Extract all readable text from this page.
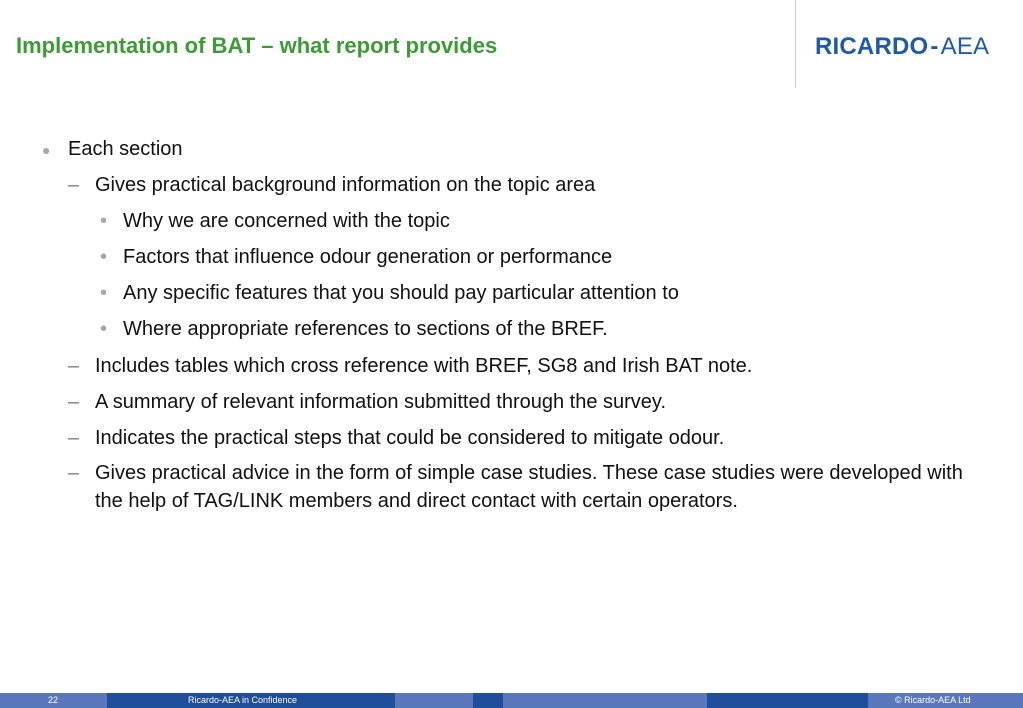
Implementation of BAT – what report provides	RICARDO-AEA
● Each section
– Gives practical background information on the topic area
• Why we are concerned with the topic
• Factors that influence odour generation or performance
• Any specific features that you should pay particular attention to
• Where appropriate references to sections of the BREF.
– Includes tables which cross reference with BREF, SG8 and Irish BAT note.
– A summary of relevant information submitted through the survey.
– Indicates the practical steps that could be considered to mitigate odour.
– Gives practical advice in the form of simple case studies. These case studies were developed with the help of TAG/LINK members and direct contact with certain operators.
22	Ricardo-AEA in Confidence	© Ricardo-AEA Ltd
